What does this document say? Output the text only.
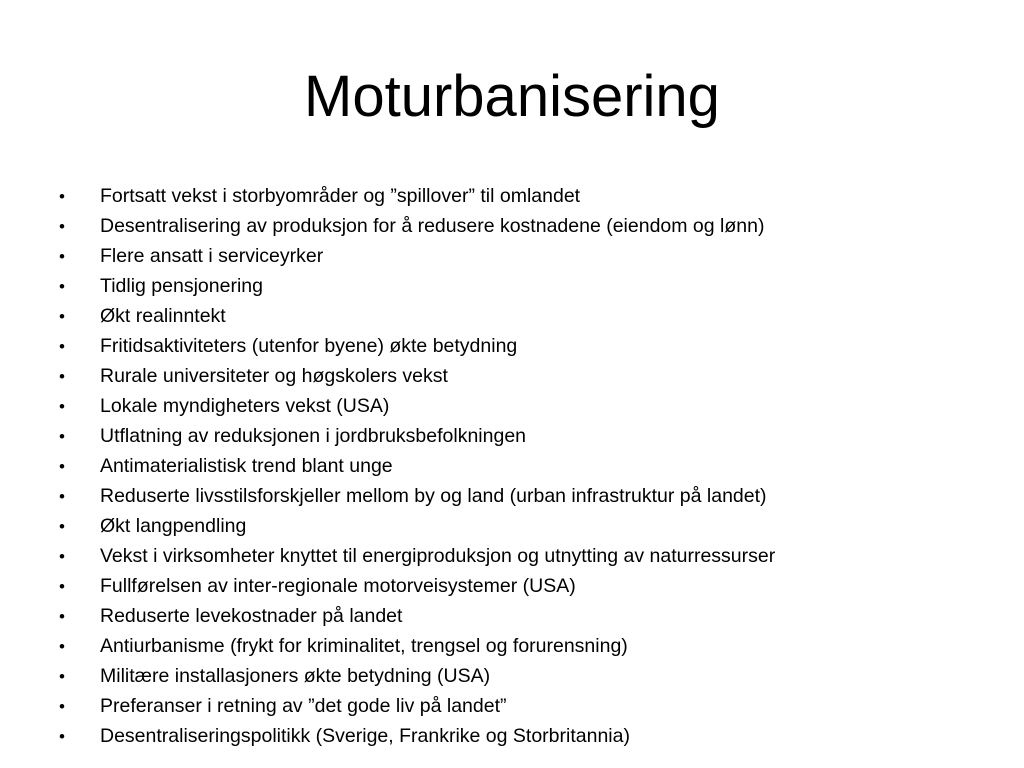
Moturbanisering
• Fortsatt vekst i storbyområder og ”spillover” til omlandet
• Desentralisering av produksjon for å redusere kostnadene (eiendom og lønn)
• Flere ansatt i serviceyrker
• Tidlig pensjonering
• Økt realinntekt
• Fritidsaktiviteters (utenfor byene) økte betydning
• Rurale universiteter og høgskolers vekst
• Lokale myndigheters vekst (USA)
• Utflatning av reduksjonen i jordbruksbefolkningen
• Antimaterialistisk trend blant unge
• Reduserte livsstilsforskjeller mellom by og land (urban infrastruktur på landet)
• Økt langpendling
• Vekst i virksomheter knyttet til energiproduksjon og utnytting av naturressurser
• Fullførelsen av inter-regionale motorveisystemer (USA)
• Reduserte levekostnader på landet
• Antiurbanisme (frykt for kriminalitet, trengsel og forurensning)
• Militære installasjoners økte betydning (USA)
• Preferanser i retning av ”det gode liv på landet”
• Desentraliseringspolitikk (Sverige, Frankrike og Storbritannia)
